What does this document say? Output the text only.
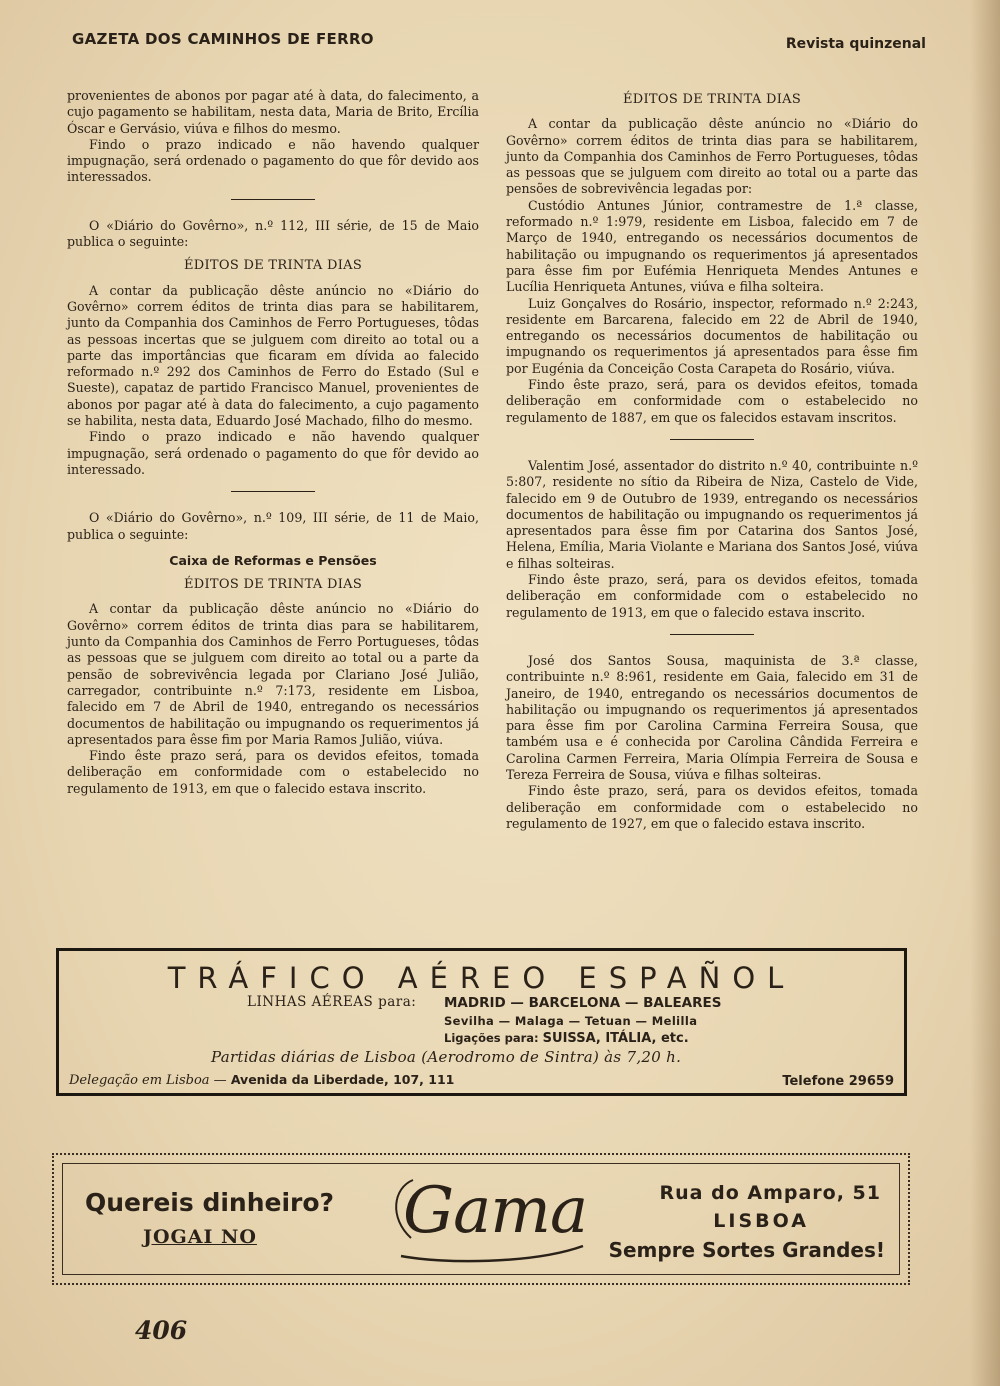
GAZETA DOS CAMINHOS DE FERRO	Revista quinzenal

provenientes de abonos por pagar até à data, do falecimento, a cujo pagamento se habilitam, nesta data, Maria de Brito, Ercília Óscar e Gervásio, viúva e filhos do mesmo.

Findo o prazo indicado e não havendo qualquer impugnação, será ordenado o pagamento do que fôr devido aos interessados.

O «Diário do Govêrno», n.º 112, III série, de 15 de Maio publica o seguinte:

ÉDITOS DE TRINTA DIAS

A contar da publicação dêste anúncio no «Diário do Govêrno» correm éditos de trinta dias para se habilitarem, junto da Companhia dos Caminhos de Ferro Portugueses, tôdas as pessoas incertas que se julguem com direito ao total ou a parte das importâncias que ficaram em dívida ao falecido reformado n.º 292 dos Caminhos de Ferro do Estado (Sul e Sueste), capataz de partido Francisco Manuel, provenientes de abonos por pagar até à data do falecimento, a cujo pagamento se habilita, nesta data, Eduardo José Machado, filho do mesmo.

Findo o prazo indicado e não havendo qualquer impugnação, será ordenado o pagamento do que fôr devido ao interessado.

O «Diário do Govêrno», n.º 109, III série, de 11 de Maio, publica o seguinte:

Caixa de Reformas e Pensões

ÉDITOS DE TRINTA DIAS

A contar da publicação dêste anúncio no «Diário do Govêrno» correm éditos de trinta dias para se habilitarem, junto da Companhia dos Caminhos de Ferro Portugueses, tôdas as pessoas que se julguem com direito ao total ou a parte da pensão de sobrevivência legada por Clariano José Julião, carregador, contribuinte n.º 7:173, residente em Lisboa, falecido em 7 de Abril de 1940, entregando os necessários documentos de habilitação ou impugnando os requerimentos já apresentados para êsse fim por Maria Ramos Julião, viúva.

Findo êste prazo será, para os devidos efeitos, tomada deliberação em conformidade com o estabelecido no regulamento de 1913, em que o falecido estava inscrito.

ÉDITOS DE TRINTA DIAS

A contar da publicação dêste anúncio no «Diário do Govêrno» correm éditos de trinta dias para se habilitarem, junto da Companhia dos Caminhos de Ferro Portugueses, tôdas as pessoas que se julguem com direito ao total ou a parte das pensões de sobrevivência legadas por:

Custódio Antunes Júnior, contramestre de 1.ª classe, reformado n.º 1:979, residente em Lisboa, falecido em 7 de Março de 1940, entregando os necessários documentos de habilitação ou impugnando os requerimentos já apresentados para êsse fim por Eufémia Henriqueta Mendes Antunes e Lucília Henriqueta Antunes, viúva e filha solteira.

Luiz Gonçalves do Rosário, inspector, reformado n.º 2:243, residente em Barcarena, falecido em 22 de Abril de 1940, entregando os necessários documentos de habilitação ou impugnando os requerimentos já apresentados para êsse fim por Eugénia da Conceição Costa Carapeta do Rosário, viúva.

Findo êste prazo, será, para os devidos efeitos, tomada deliberação em conformidade com o estabelecido no regulamento de 1887, em que os falecidos estavam inscritos.

Valentim José, assentador do distrito n.º 40, contribuinte n.º 5:807, residente no sítio da Ribeira de Niza, Castelo de Vide, falecido em 9 de Outubro de 1939, entregando os necessários documentos de habilitação ou impugnando os requerimentos já apresentados para êsse fim por Catarina dos Santos José, Helena, Emília, Maria Violante e Mariana dos Santos José, viúva e filhas solteiras.

Findo êste prazo, será, para os devidos efeitos, tomada deliberação em conformidade com o estabelecido no regulamento de 1913, em que o falecido estava inscrito.

José dos Santos Sousa, maquinista de 3.ª classe, contribuinte n.º 8:961, residente em Gaia, falecido em 31 de Janeiro, de 1940, entregando os necessários documentos de habilitação ou impugnando os requerimentos já apresentados para êsse fim por Carolina Carmina Ferreira Sousa, que também usa e é conhecida por Carolina Cândida Ferreira e Carolina Carmen Ferreira, Maria Olímpia Ferreira de Sousa e Tereza Ferreira de Sousa, viúva e filhas solteiras.

Findo êste prazo, será, para os devidos efeitos, tomada deliberação em conformidade com o estabelecido no regulamento de 1927, em que o falecido estava inscrito.

TRÁFICO AÉREO ESPAÑOL
LINHAS AÉREAS para: MADRID — BARCELONA — BALEARES
Sevilha — Malaga — Tetuan — Melilla
Ligações para: SUISSA, ITÁLIA, etc.
Partidas diárias de Lisboa (Aerodromo de Sintra) às 7,20 h.
Delegação em Lisboa — Avenida da Liberdade, 107, 111	Telefone 29659
Quereis dinheiro?
JOGAI NO Gama	Rua do Amparo, 51
LISBOA
Sempre Sortes Grandes!
406
